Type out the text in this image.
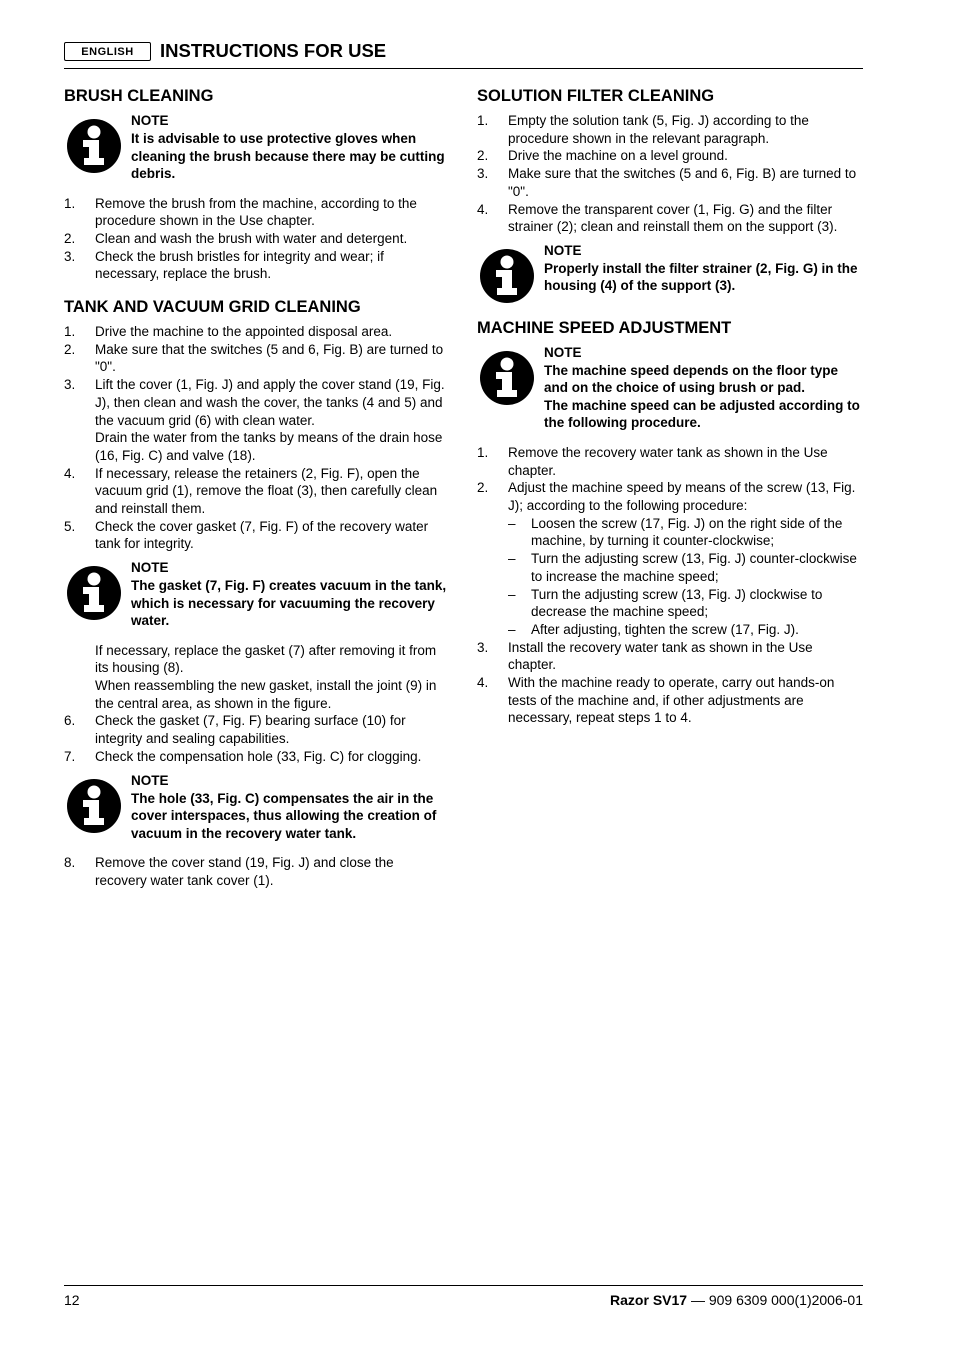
ENGLISH	INSTRUCTIONS FOR USE
BRUSH CLEANING
NOTE
It is advisable to use protective gloves when cleaning the brush because there may be cutting debris.
1. Remove the brush from the machine, according to the procedure shown in the Use chapter.
2. Clean and wash the brush with water and detergent.
3. Check the brush bristles for integrity and wear; if necessary, replace the brush.
TANK AND VACUUM GRID CLEANING
1. Drive the machine to the appointed disposal area.
2. Make sure that the switches (5 and 6, Fig. B) are turned to "0".
3. Lift the cover (1, Fig. J) and apply the cover stand (19, Fig. J), then clean and wash the cover, the tanks (4 and 5) and the vacuum grid (6) with clean water.
Drain the water from the tanks by means of the drain hose (16, Fig. C) and valve (18).
4. If necessary, release the retainers (2, Fig. F), open the vacuum grid (1), remove the float (3), then carefully clean and reinstall them.
5. Check the cover gasket (7, Fig. F) of the recovery water tank for integrity.
NOTE
The gasket (7, Fig. F) creates vacuum in the tank, which is necessary for vacuuming the recovery water.
If necessary, replace the gasket (7) after removing it from its housing (8).
When reassembling the new gasket, install the joint (9) in the central area, as shown in the figure.
6. Check the gasket (7, Fig. F) bearing surface (10) for integrity and sealing capabilities.
7. Check the compensation hole (33, Fig. C) for clogging.
NOTE
The hole (33, Fig. C) compensates the air in the cover interspaces, thus allowing the creation of vacuum in the recovery water tank.
8. Remove the cover stand (19, Fig. J) and close the recovery water tank cover (1).
SOLUTION FILTER CLEANING
1. Empty the solution tank (5, Fig. J) according to the procedure shown in the relevant paragraph.
2. Drive the machine on a level ground.
3. Make sure that the switches (5 and 6, Fig. B) are turned to "0".
4. Remove the transparent cover (1, Fig. G) and the filter strainer (2); clean and reinstall them on the support (3).
NOTE
Properly install the filter strainer (2, Fig. G) in the housing (4) of the support (3).
MACHINE SPEED ADJUSTMENT
NOTE
The machine speed depends on the floor type and on the choice of using brush or pad.
The machine speed can be adjusted according to the following procedure.
1. Remove the recovery water tank as shown in the Use chapter.
2. Adjust the machine speed by means of the screw (13, Fig. J); according to the following procedure:
– Loosen the screw (17, Fig. J) on the right side of the machine, by turning it counter-clockwise;
– Turn the adjusting screw (13, Fig. J) counter-clockwise to increase the machine speed;
– Turn the adjusting screw (13, Fig. J) clockwise to decrease the machine speed;
– After adjusting, tighten the screw (17, Fig. J).
3. Install the recovery water tank as shown in the Use chapter.
4. With the machine ready to operate, carry out hands-on tests of the machine and, if other adjustments are necessary, repeat steps 1 to 4.
12	Razor SV17 — 909 6309 000(1)2006-01
